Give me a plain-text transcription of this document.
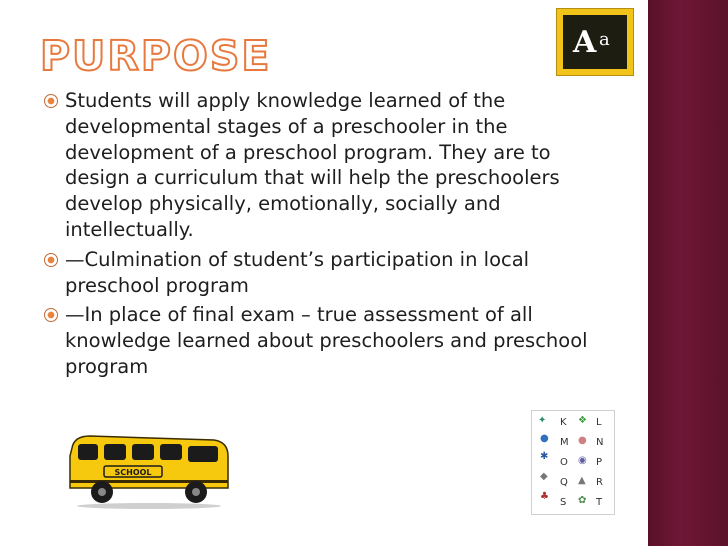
PURPOSE	A a
Students will apply knowledge learned of the developmental stages of a preschooler in the development of a preschool program. They are to design a curriculum that will help the preschoolers develop physically, emotionally, socially and intellectually.
—Culmination of student’s participation in local preschool program
—In place of final exam – true assessment of all knowledge learned about preschoolers and preschool program
SCHOOL
✦
●
✱
◆
♣
K
M
O
Q
S
❖
●
◉
▲
✿
L
N
P
R
T
